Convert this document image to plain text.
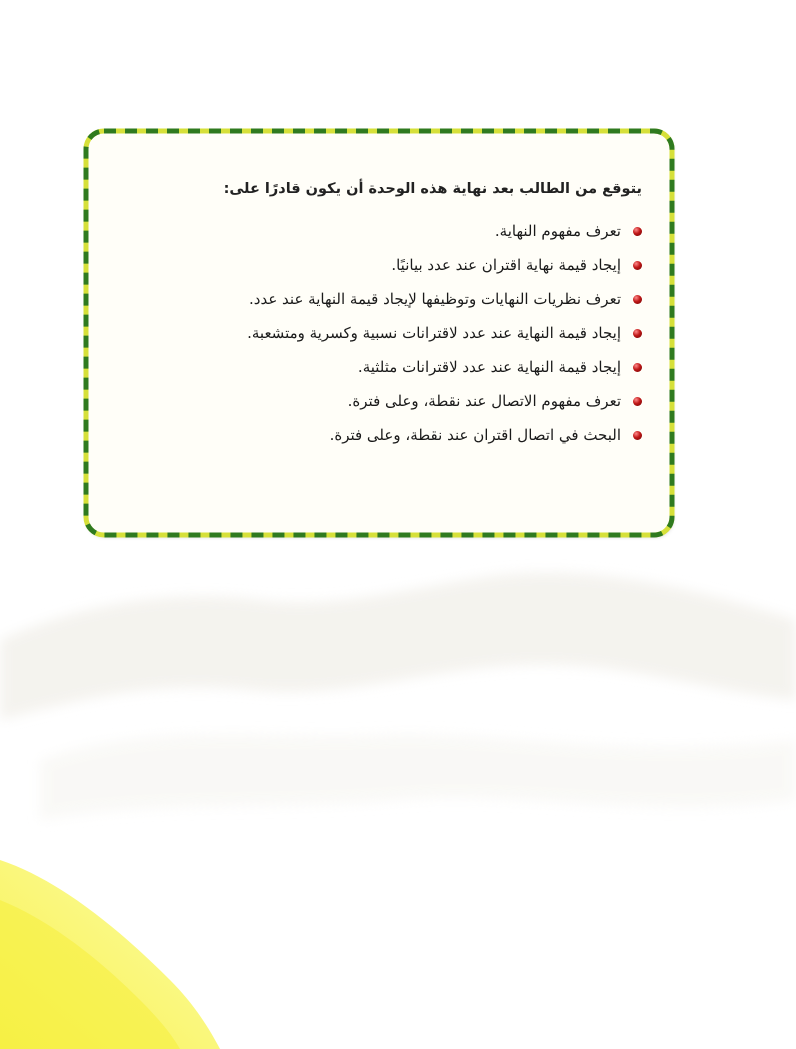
يتوقع من الطالب بعد نهاية هذه الوحدة أن يكون قادرًا على:

تعرف مفهوم النهاية.
إيجاد قيمة نهاية اقتران عند عدد بيانيًا.
تعرف نظريات النهايات وتوظيفها لإيجاد قيمة النهاية عند عدد.
إيجاد قيمة النهاية عند عدد لاقترانات نسبية وكسرية ومتشعبة.
إيجاد قيمة النهاية عند عدد لاقترانات مثلثية.
تعرف مفهوم الاتصال عند نقطة، وعلى فترة.
البحث في اتصال اقتران عند نقطة، وعلى فترة.
